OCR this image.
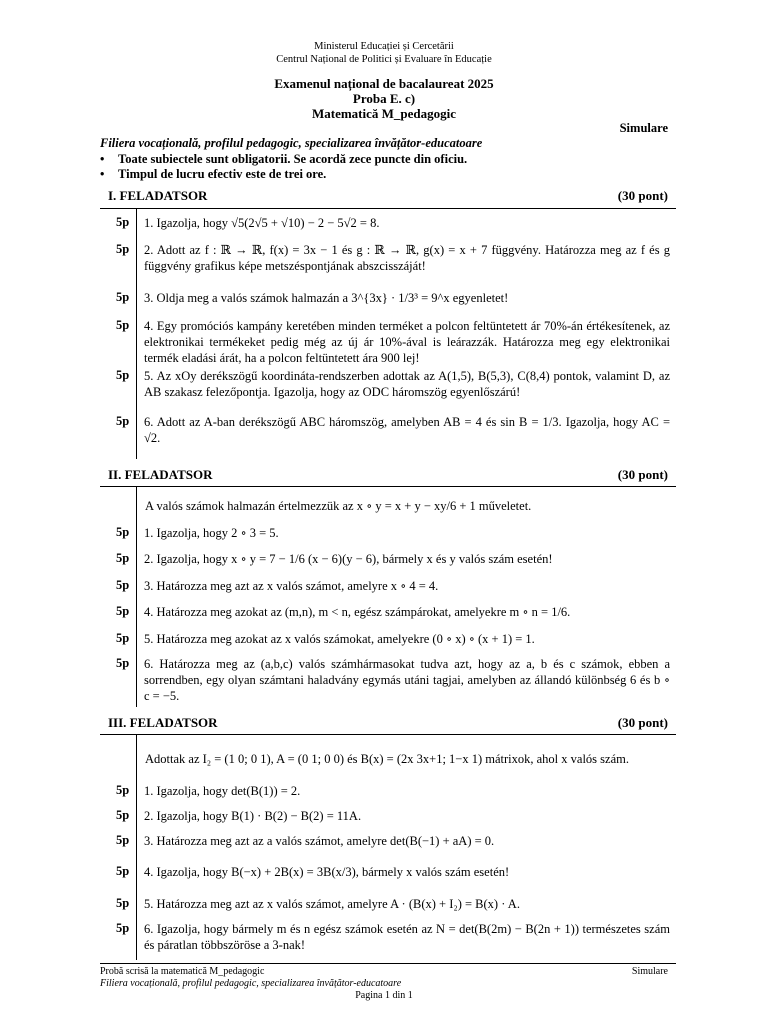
Ministerul Educației și Cercetării
Centrul Național de Politici și Evaluare în Educație
Examenul național de bacalaureat 2025
Proba E. c)
Matematică M_pedagogic
Simulare
Filiera vocațională, profilul pedagogic, specializarea învățător-educatoare
• Toate subiectele sunt obligatorii. Se acordă zece puncte din oficiu.
• Timpul de lucru efectiv este de trei ore.
I. FELADATSOR	(30 pont)
5p 1. Igazolja, hogy √5(2√5 + √10) − 2 − 5√2 = 8.
5p 2. Adott az f : ℝ → ℝ, f(x) = 3x − 1 és g : ℝ → ℝ, g(x) = x + 7 függvény. Határozza meg az f és g függvény grafikus képe metszéspontjának abszcisszáját!
5p 3. Oldja meg a valós számok halmazán a 3^{3x} · 1/3³ = 9^x egyenletet!
5p 4. Egy promóciós kampány keretében minden terméket a polcon feltüntetett ár 70%-án értékesítenek, az elektronikai termékeket pedig még az új ár 10%-ával is leárazzák. Határozza meg egy elektronikai termék eladási árát, ha a polcon feltüntetett ára 900 lej!
5p 5. Az xOy derékszögű koordináta-rendszerben adottak az A(1,5), B(5,3), C(8,4) pontok, valamint D, az AB szakasz felezőpontja. Igazolja, hogy az ODC háromszög egyenlőszárú!
5p 6. Adott az A-ban derékszögű ABC háromszög, amelyben AB = 4 és sin B = 1/3. Igazolja, hogy AC = √2.
II. FELADATSOR	(30 pont)
A valós számok halmazán értelmezzük az x ∘ y = x + y − xy/6 + 1 műveletet.
5p 1. Igazolja, hogy 2 ∘ 3 = 5.
5p 2. Igazolja, hogy x ∘ y = 7 − 1/6 (x − 6)(y − 6), bármely x és y valós szám esetén!
5p 3. Határozza meg azt az x valós számot, amelyre x ∘ 4 = 4.
5p 4. Határozza meg azokat az (m,n), m < n, egész számpárokat, amelyekre m ∘ n = 1/6.
5p 5. Határozza meg azokat az x valós számokat, amelyekre (0 ∘ x) ∘ (x + 1) = 1.
5p 6. Határozza meg az (a,b,c) valós számhármasokat tudva azt, hogy az a, b és c számok, ebben a sorrendben, egy olyan számtani haladvány egymás utáni tagjai, amelyben az állandó különbség 6 és b ∘ c = −5.
III. FELADATSOR	(30 pont)
Adottak az I₂ = (1 0; 0 1), A = (0 1; 0 0) és B(x) = (2x 3x+1; 1−x 1) mátrixok, ahol x valós szám.
5p 1. Igazolja, hogy det(B(1)) = 2.
5p 2. Igazolja, hogy B(1) · B(2) − B(2) = 11A.
5p 3. Határozza meg azt az a valós számot, amelyre det(B(−1) + aA) = 0.
5p 4. Igazolja, hogy B(−x) + 2B(x) = 3B(x/3), bármely x valós szám esetén!
5p 5. Határozza meg azt az x valós számot, amelyre A · (B(x) + I₂) = B(x) · A.
5p 6. Igazolja, hogy bármely m és n egész számok esetén az N = det(B(2m) − B(2n + 1)) természetes szám és páratlan többszöröse a 3-nak!
Probă scrisă la matematică M_pedagogic	Simulare
Filiera vocațională, profilul pedagogic, specializarea învățător-educatoare
Pagina 1 din 1
